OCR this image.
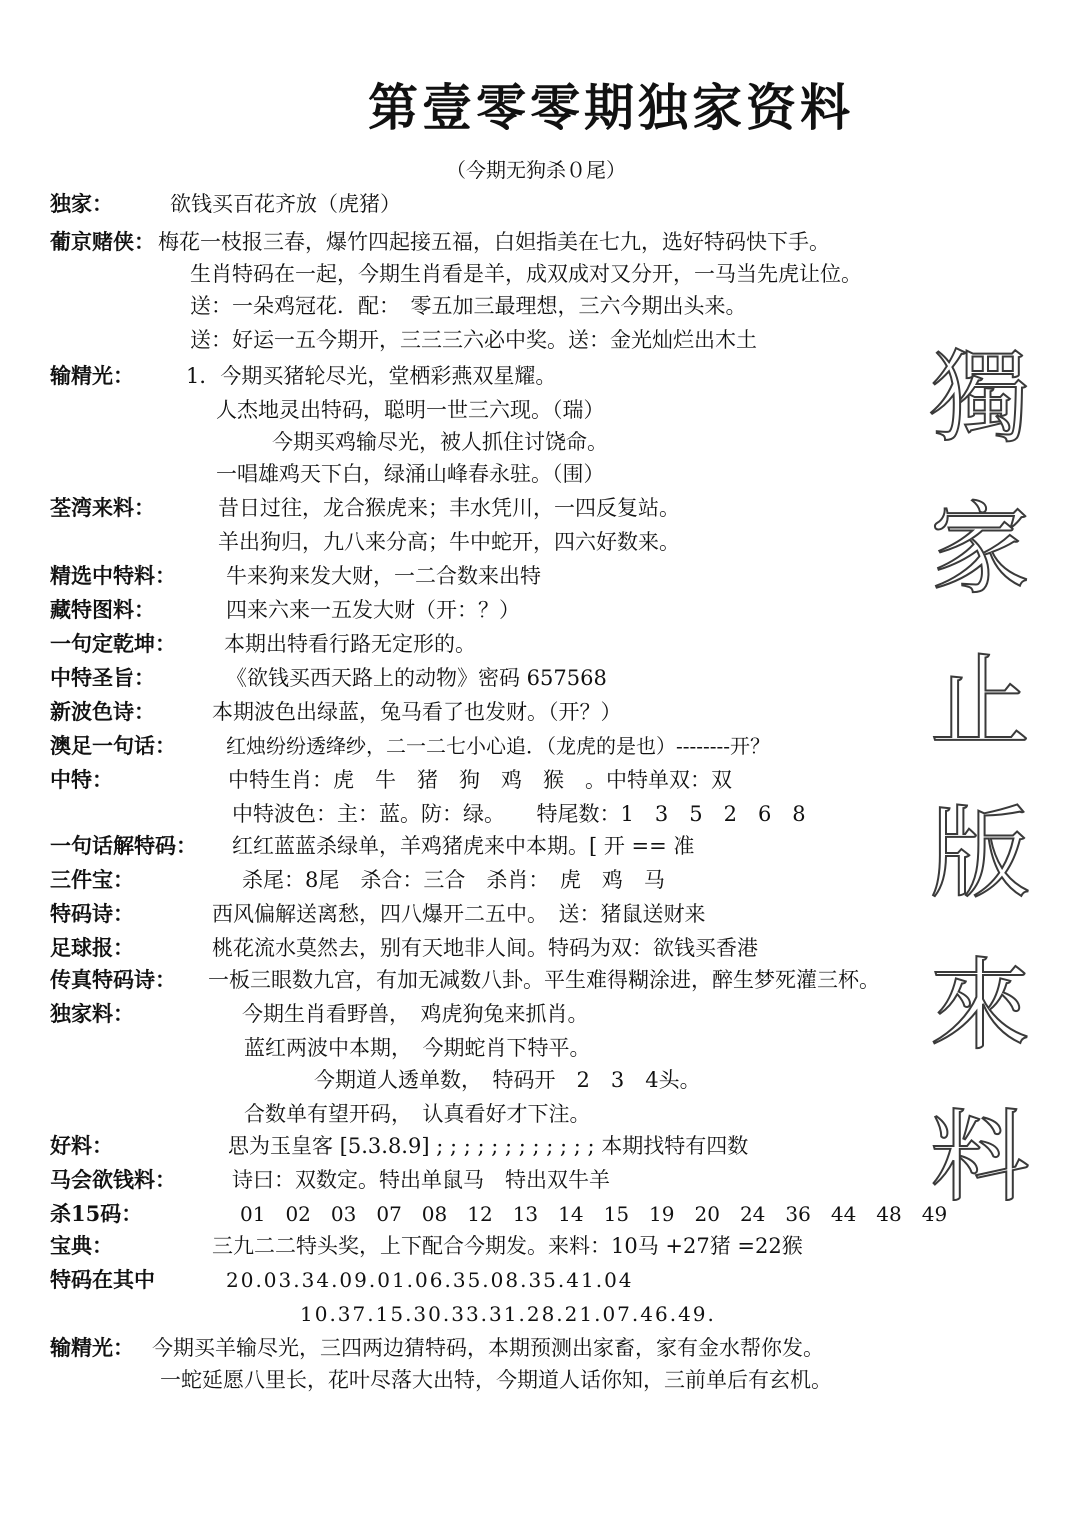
第壹零零期独家资料
（今期无狗杀０尾）
獨
家
止
版
來
料
独家：	欲钱买百花齐放（虎猪）
葡京赌侠： 梅花一枝报三春，爆竹四起接五福，白妲指美在七九，选好特码快下手。
生肖特码在一起，今期生肖看是羊，成双成对又分开，一马当先虎让位。
送：一朵鸡冠花．配：　零五加三最理想，三六今期出头来。
送：好运一五今期开，三三三六必中奖。送：金光灿烂出木土
输精光： 1．今期买猪轮尽光，堂栖彩燕双星耀。
人杰地灵出特码，聪明一世三六现。（瑞）
今期买鸡输尽光，被人抓住讨饶命。
一唱雄鸡天下白，绿涌山峰春永驻。（围）
荃湾来料：	昔日过往，龙合猴虎来；丰水凭川，一四反复站。
羊出狗归，九八来分高；牛中蛇开，四六好数来。
精选中特料： 牛来狗来发大财，一二合数来出特
藏特图料：	四来六来一五发大财（开：？）
一句定乾坤： 本期出特看行路无定形的。
中特圣旨：	《欲钱买西天路上的动物》密码 657568
新波色诗：	本期波色出绿蓝，兔马看了也发财。（开？）
澳足一句话：	红烛纷纷透绛纱，二一二七小心追．（龙虎的是也）--------开？
中特：	中特生肖：虎　牛　猪　狗　鸡　猴　。中特单双：双
中特波色：主：蓝。防：绿。　　特尾数：1　3　5　2　6　8
一句话解特码： 红红蓝蓝杀绿单，羊鸡猪虎来中本期。[ 开 == 准
三件宝：	杀尾：8尾　杀合：三合　杀肖：　虎　鸡　马
特码诗：	西风偏解送离愁，四八爆开二五中。　送：猪鼠送财来
足球报：	桃花流水莫然去，别有天地非人间。特码为双：欲钱买香港
传真特码诗： 一板三眼数九宫，有加无减数八卦。平生难得糊涂进，醉生梦死灌三杯。
独家料：	今期生肖看野兽，　鸡虎狗兔来抓肖。
蓝红两波中本期，　今期蛇肖下特平。
今期道人透单数，　特码开　2　3　4头。
合数单有望开码，　认真看好才下注。
好料：	思为玉皇客 [5.3.8.9] ; ; ; ; ; ; ; ; ; ; ; ; 本期找特有四数
马会欲钱料：	诗曰：双数定。特出单鼠马　特出双牛羊
杀15码：	01　02　03　07　08　12　13　14　15　19　20　24　36　44　48　49
宝典：	三九二二特头奖，上下配合今期发。来料：10马 +27猪 =22猴
特码在其中	20.03.34.09.01.06.35.08.35.41.04
10.37.15.30.33.31.28.21.07.46.49.
输精光： 今期买羊输尽光，三四两边猜特码，本期预测出家畜，家有金水帮你发。
一蛇延愿八里长，花叶尽落大出特，今期道人话你知，三前单后有玄机。
